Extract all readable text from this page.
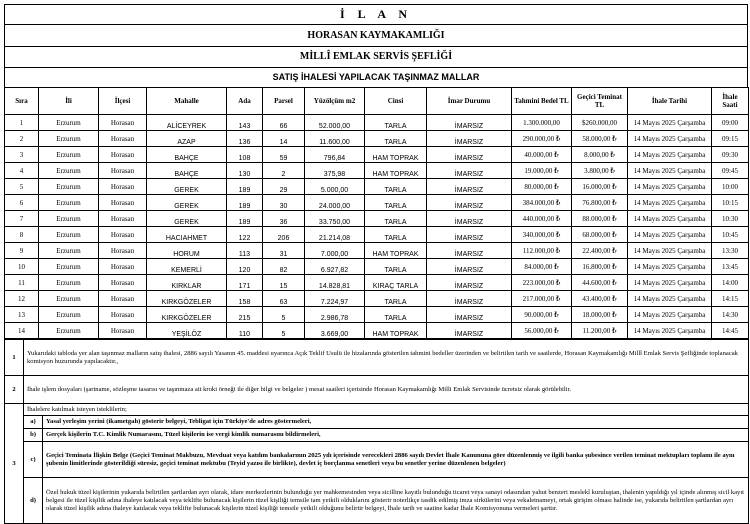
İ L A N
HORASAN KAYMAKAMLIĞI
MİLLÎ EMLAK SERVİS ŞEFLİĞİ
SATIŞ İHALESİ YAPILACAK TAŞINMAZ MALLAR
Sıra	İli	İlçesi	Mahalle	Ada	Parsel	Yüzölçüm m2	Cinsi	İmar Durumu	Tahmini Bedel TL	Geçici Teminat TL	İhale Tarihi	İhale Saati
1	Erzurum	Horasan	ALİCEYREK	143	66	52.000,00	TARLA	İMARSIZ	1.300.000,00	$260.000,00	14 Mayıs 2025 Çarşamba	09:00
2	Erzurum	Horasan	AZAP	136	14	11.600,00	TARLA	İMARSIZ	290.000,00 ₺	58.000,00 ₺	14 Mayıs 2025 Çarşamba	09:15
3	Erzurum	Horasan	BAHÇE	108	59	796,84	HAM TOPRAK	İMARSIZ	40.000,00 ₺	8.000,00 ₺	14 Mayıs 2025 Çarşamba	09:30
4	Erzurum	Horasan	BAHÇE	130	2	375,98	HAM TOPRAK	İMARSIZ	19.000,00 ₺	3.800,00 ₺	14 Mayıs 2025 Çarşamba	09:45
5	Erzurum	Horasan	GEREK	189	29	5.000,00	TARLA	İMARSIZ	80.000,00 ₺	16.000,00 ₺	14 Mayıs 2025 Çarşamba	10:00
6	Erzurum	Horasan	GEREK	189	30	24.000,00	TARLA	İMARSIZ	384.000,00 ₺	76.800,00 ₺	14 Mayıs 2025 Çarşamba	10:15
7	Erzurum	Horasan	GEREK	189	36	33.750,00	TARLA	İMARSIZ	440.000,00 ₺	88.000,00 ₺	14 Mayıs 2025 Çarşamba	10:30
8	Erzurum	Horasan	HACIAHMET	122	206	21.214,08	TARLA	İMARSIZ	340.000,00 ₺	68.000,00 ₺	14 Mayıs 2025 Çarşamba	10:45
9	Erzurum	Horasan	HORUM	113	31	7.000,00	HAM TOPRAK	İMARSIZ	112.000,00 ₺	22.400,00 ₺	14 Mayıs 2025 Çarşamba	13:30
10	Erzurum	Horasan	KEMERLİ	120	82	6.927,82	TARLA	İMARSIZ	84.000,00 ₺	16.800,00 ₺	14 Mayıs 2025 Çarşamba	13:45
11	Erzurum	Horasan	KIRKLAR	171	15	14.828,81	KIRAÇ TARLA	İMARSIZ	223.000,00 ₺	44.600,00 ₺	14 Mayıs 2025 Çarşamba	14:00
12	Erzurum	Horasan	KIRKGÖZELER	158	63	7.224,97	TARLA	İMARSIZ	217.000,00 ₺	43.400,00 ₺	14 Mayıs 2025 Çarşamba	14:15
13	Erzurum	Horasan	KIRKGÖZELER	215	5	2.986,78	TARLA	İMARSIZ	90.000,00 ₺	18.000,00 ₺	14 Mayıs 2025 Çarşamba	14:30
14	Erzurum	Horasan	YEŞİLÖZ	110	5	3.669,00	HAM TOPRAK	İMARSIZ	56.000,00 ₺	11.200,00 ₺	14 Mayıs 2025 Çarşamba	14:45
1	Yukarıdaki tabloda yer alan taşınmaz malların satış ihalesi, 2886 sayılı Yasanın 45. maddesi uyarınca Açık Teklif Usulü ile hizalarında gösterilen tahmini bedeller üzerinden ve belirtilen tarih ve saatlerde, Horasan Kaymakamlığı Millî Emlak Servis Şefliğinde toplanacak komisyon huzurunda yapılacaktır.,	
2	İhale işlem dosyaları (şartname, sözleşme tasarısı ve taşınmaza ait kroki örneği ile diğer bilgi ve belgeler ) mesai saatleri içerisinde Horasan Kaymakamlığı Milli Emlak Servisinde ücretsiz olarak görülebilir.	
3	İhalelere katılmak isteyen isteklilerin;	
	a)	Yasal yerleşim yerini (ikametgah) gösterir belgeyi, Tebligat için Türkiye'de adres göstermeleri,
	b)	Gerçek kişilerin T.C. Kimlik Numarasını, Tüzel kişilerin ise vergi kimlik numarasını bildirmeleri,
	c)	Geçici Teminata İlişkin Belge (Geçici Teminat Makbuzu, Mevduat veya katılım bankalarının 2025 yılı içerisinde verecekleri 2886 sayılı Devlet İhale Kanununa göre düzenlenmiş ve ilgili banka şubesince verilen teminat mektupları toplamı ile aynı şubenin limitlerinde gösterildiği süresiz, geçici teminat mektubu (Teyid yazısı ile birlikte), devlet iç borçlanma senetleri veya bu senetler yerine düzenlenen belgeler)
	d)	Özel hukuk tüzel kişilerinin yukarıda belirtilen şartlardan ayrı olarak, idare merkezlerinin bulunduğu yer mahkemesinden veya sicilline kayıtlı bulunduğu ticaret veya sanayi odasından yahut benzeri meslekî kuruluştan, ihalenin yapıldığı yıl içinde alınmış sicil kayıt belgesi ile tüzel kişilik adına ihaleye katılacak veya teklifte bulunacak kişilerin tüzel kişiliği temsile tam yetkili olduklarını gösterir noterlikçe tasdik edilmiş imza sirkülerini veya vekaletnameyi, ortak girişim olması halinde ise, yukarıda belirtilen şartlardan ayrı olarak tüzel kişilik adına ihaleye katılacak veya teklifte bulunacak kişilerin tüzel kişiliği temsile yetkili olduğunu belirtir belgeyi, İhale tarih ve saatine kadar İhale Komisyonuna vermeleri şarttır.
